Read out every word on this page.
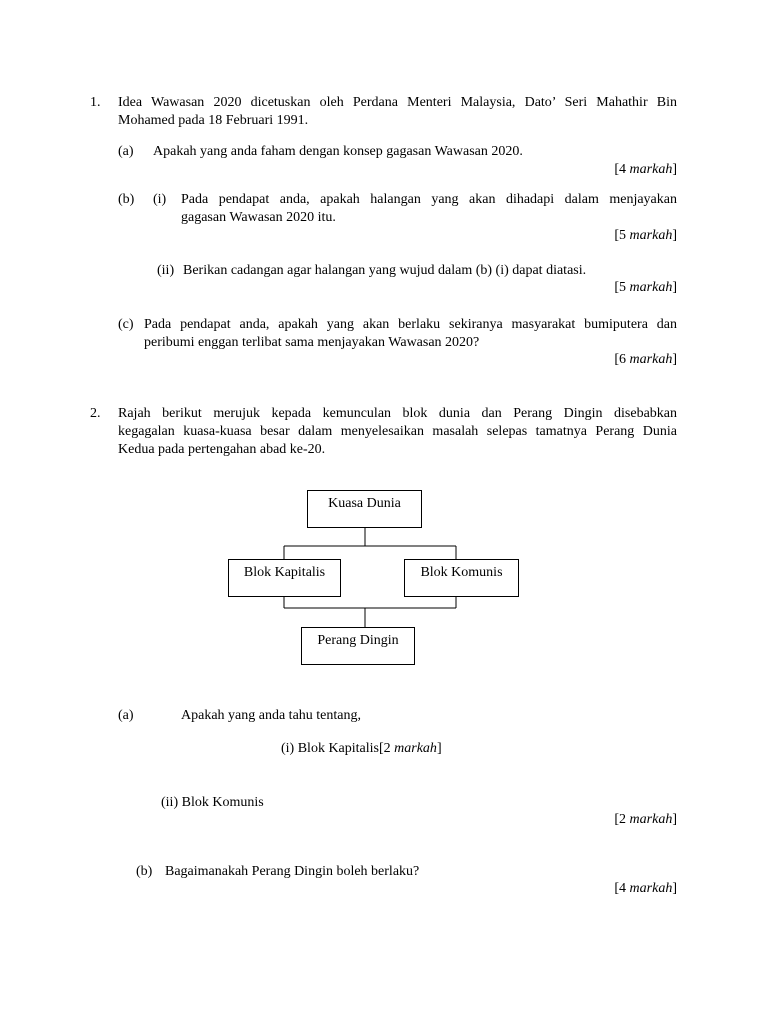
1. Idea Wawasan 2020 dicetuskan oleh Perdana Menteri Malaysia, Dato’ Seri Mahathir Bin
Mohamed pada 18 Februari 1991.
(a) Apakah yang anda faham dengan konsep gagasan Wawasan 2020.
[4 markah]
(b) (i) Pada pendapat anda, apakah halangan yang akan dihadapi dalam menjayakan
gagasan Wawasan 2020 itu.
[5 markah]
(ii) Berikan cadangan agar halangan yang wujud dalam (b) (i) dapat diatasi.
[5 markah]
(c) Pada pendapat anda, apakah yang akan berlaku sekiranya masyarakat bumiputera dan
peribumi enggan terlibat sama menjayakan Wawasan 2020?
[6 markah]
2. Rajah berikut merujuk kepada kemunculan blok dunia dan Perang Dingin disebabkan
kegagalan kuasa-kuasa besar dalam menyelesaikan masalah selepas tamatnya Perang Dunia
Kedua pada pertengahan abad ke-20.
Kuasa Dunia
Blok Kapitalis	Blok Komunis
Perang Dingin
(a)	Apakah yang anda tahu tentang,
(i) Blok Kapitalis[2 markah]
(ii) Blok Komunis
[2 markah]
(b) Bagaimanakah Perang Dingin boleh berlaku?
[4 markah]
